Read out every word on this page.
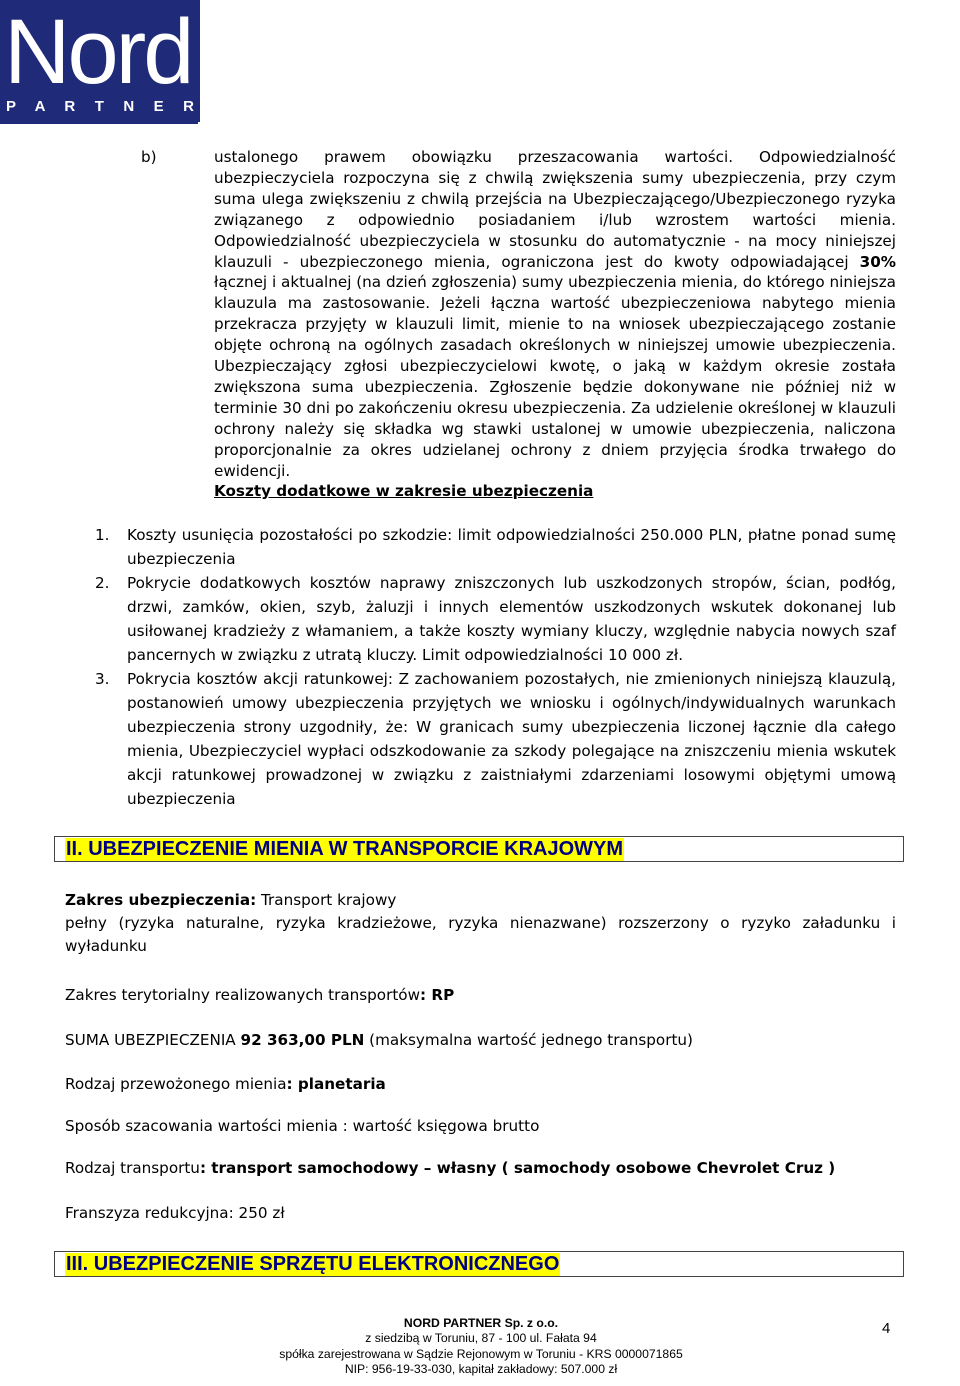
Nord
P A R T N E R
b)	ustalonego prawem obowiązku przeszacowania wartości. Odpowiedzialność ubezpieczyciela rozpoczyna się z chwilą zwiększenia sumy ubezpieczenia, przy czym suma ulega zwiększeniu z chwilą przejścia na Ubezpieczającego/Ubezpieczonego ryzyka związanego z odpowiednio posiadaniem i/lub wzrostem wartości mienia. Odpowiedzialność ubezpieczyciela w stosunku do automatycznie - na mocy niniejszej klauzuli - ubezpieczonego mienia, ograniczona jest do kwoty odpowiadającej 30% łącznej i aktualnej (na dzień zgłoszenia) sumy ubezpieczenia mienia, do którego niniejsza klauzula ma zastosowanie. Jeżeli łączna wartość ubezpieczeniowa nabytego mienia przekracza przyjęty w klauzuli limit, mienie to na wniosek ubezpieczającego zostanie objęte ochroną na ogólnych zasadach określonych w niniejszej umowie ubezpieczenia. Ubezpieczający zgłosi ubezpieczycielowi kwotę, o jaką w każdym okresie została zwiększona suma ubezpieczenia. Zgłoszenie będzie dokonywane nie później niż w terminie 30 dni po zakończeniu okresu ubezpieczenia. Za udzielenie określonej w klauzuli ochrony należy się składka wg stawki ustalonej w umowie ubezpieczenia, naliczona proporcjonalnie za okres udzielanej ochrony z dniem przyjęcia środka trwałego do ewidencji.

Koszty dodatkowe w zakresie ubezpieczenia
1. Koszty usunięcia pozostałości po szkodzie: limit odpowiedzialności 250.000 PLN, płatne ponad sumę ubezpieczenia
2. Pokrycie dodatkowych kosztów naprawy zniszczonych lub uszkodzonych stropów, ścian, podłóg, drzwi, zamków, okien, szyb, żaluzji i innych elementów uszkodzonych wskutek dokonanej lub usiłowanej kradzieży z włamaniem, a także koszty wymiany kluczy, względnie nabycia nowych szaf pancernych w związku z utratą kluczy. Limit odpowiedzialności 10 000 zł.
3. Pokrycia kosztów akcji ratunkowej: Z zachowaniem pozostałych, nie zmienionych niniejszą klauzulą, postanowień umowy ubezpieczenia przyjętych we wniosku i ogólnych/indywidualnych warunkach ubezpieczenia strony uzgodniły, że: W granicach sumy ubezpieczenia liczonej łącznie dla całego mienia, Ubezpieczyciel wypłaci odszkodowanie za szkody polegające na zniszczeniu mienia wskutek akcji ratunkowej prowadzonej w związku z zaistniałymi zdarzeniami losowymi objętymi umową ubezpieczenia
II. UBEZPIECZENIE MIENIA W TRANSPORCIE KRAJOWYM
Zakres ubezpieczenia: Transport krajowy
pełny (ryzyka naturalne, ryzyka kradzieżowe, ryzyka nienazwane) rozszerzony o ryzyko załadunku i wyładunku
Zakres terytorialny realizowanych transportów: RP
SUMA UBEZPIECZENIA 92 363,00 PLN (maksymalna wartość jednego transportu)
Rodzaj przewożonego mienia: planetaria
Sposób szacowania wartości mienia : wartość księgowa brutto
Rodzaj transportu: transport samochodowy – własny ( samochody osobowe Chevrolet Cruz )
Franszyza redukcyjna: 250 zł
III. UBEZPIECZENIE SPRZĘTU ELEKTRONICZNEGO
NORD PARTNER Sp. z o.o.
z siedzibą w Toruniu, 87 - 100 ul. Fałata 94
spółka zarejestrowana w Sądzie Rejonowym w Toruniu - KRS 0000071865
NIP: 956-19-33-030, kapitał zakładowy: 507.000 zł
4
